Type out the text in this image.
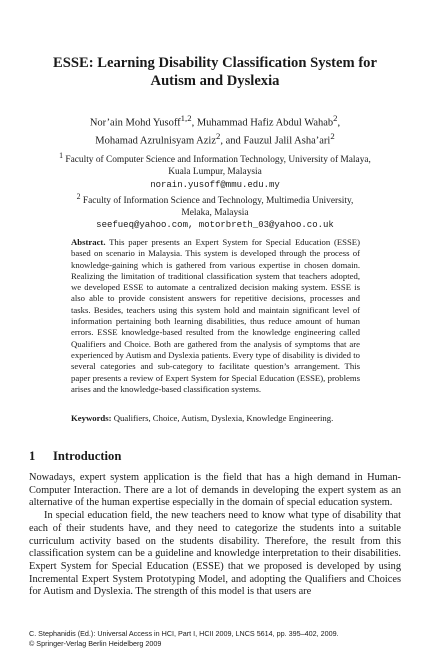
ESSE: Learning Disability Classification System for
Autism and Dyslexia
Nor’ain Mohd Yusoff$^{1,2}$, Muhammad Hafiz Abdul Wahab$^2$,
Mohamad Azrulnisyam Aziz$^2$, and Fauzul Jalil Asha’ari$^2$
$^1$ Faculty of Computer Science and Information Technology, University of Malaya,
Kuala Lumpur, Malaysia
norain.yusoff@mmu.edu.my
$^2$ Faculty of Information Science and Technology, Multimedia University,
Melaka, Malaysia
seefueq@yahoo.com, motorbreth_03@yahoo.co.uk

Abstract. This paper presents an Expert System for Special Education (ESSE) based on scenario in Malaysia. This system is developed through the process of knowledge-gaining which is gathered from various expertise in chosen domain. Realizing the limitation of traditional classification system that teachers adopted, we developed ESSE to automate a centralized decision making system. ESSE is also able to provide consistent answers for repetitive decisions, processes and tasks. Besides, teachers using this system hold and maintain significant level of information pertaining both learning disabilities, thus reduce amount of human errors. ESSE knowledge-based resulted from the knowledge engineering called Qualifiers and Choice. Both are gathered from the analysis of symptoms that are experienced by Autism and Dyslexia patients. Every type of disability is divided to several categories and sub-category to facilitate question’s arrangement. This paper presents a review of Expert System for Special Education (ESSE), problems arises and the knowledge-based classification systems.

Keywords: Qualifiers, Choice, Autism, Dyslexia, Knowledge Engineering.

1 Introduction

Nowadays, expert system application is the field that has a high demand in Human-Computer Interaction. There are a lot of demands in developing the expert system as an alternative of the human expertise especially in the domain of special education system.

In special education field, the new teachers need to know what type of disability that each of their students have, and they need to categorize the students into a suitable curriculum activity based on the students disability. Therefore, the result from this classification system can be a guideline and knowledge interpretation to their disabilities. Expert System for Special Education (ESSE) that we proposed is developed by using Incremental Expert System Prototyping Model, and adopting the Qualifiers and Choices for Autism and Dyslexia. The strength of this model is that users are

C. Stephanidis (Ed.): Universal Access in HCI, Part I, HCII 2009, LNCS 5614, pp. 395–402, 2009.
© Springer-Verlag Berlin Heidelberg 2009
